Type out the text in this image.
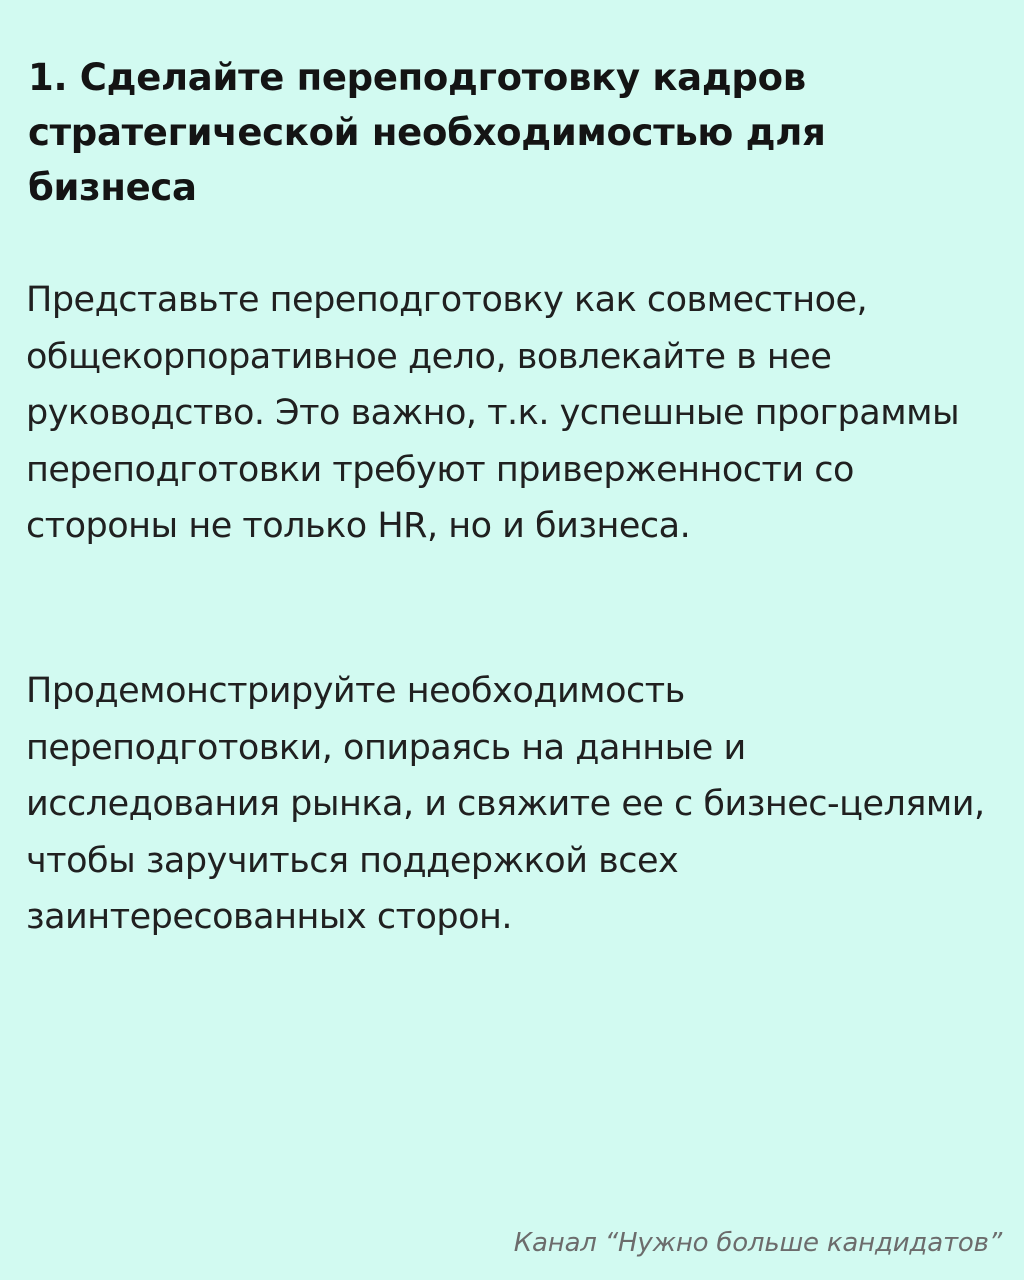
1. Сделайте переподготовку кадров стратегической необходимостью для бизнеса

Представьте переподготовку как совместное, общекорпоративное дело, вовлекайте в нее руководство. Это важно, т.к. успешные программы переподготовки требуют приверженности со стороны не только HR, но и бизнеса.

Продемонстрируйте необходимость переподготовки, опираясь на данные и исследования рынка, и свяжите ее с бизнес-целями, чтобы заручиться поддержкой всех заинтересованных сторон.

Канал “Нужно больше кандидатов”
